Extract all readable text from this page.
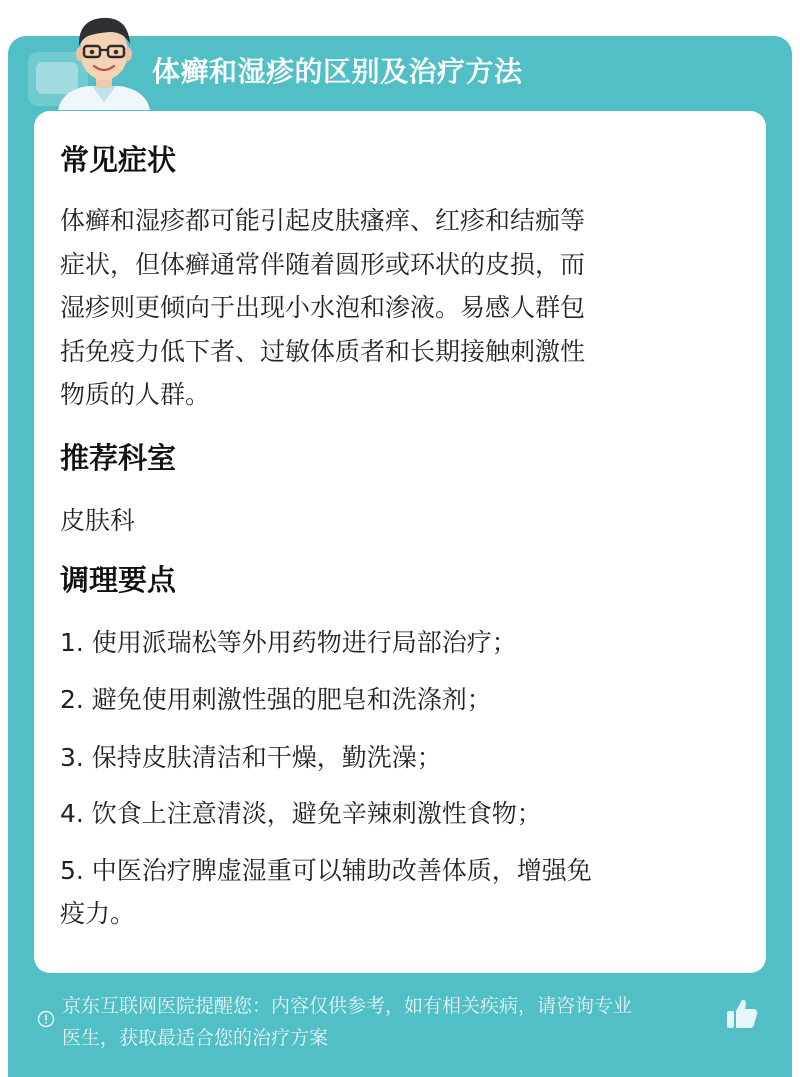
体癣和湿疹的区别及治疗方法
常见症状

体癣和湿疹都可能引起皮肤瘙痒、红疹和结痂等
症状，但体癣通常伴随着圆形或环状的皮损，而
湿疹则更倾向于出现小水泡和渗液。易感人群包
括免疫力低下者、过敏体质者和长期接触刺激性
物质的人群。

推荐科室

皮肤科

调理要点

1. 使用派瑞松等外用药物进行局部治疗；

2. 避免使用刺激性强的肥皂和洗涤剂；

3. 保持皮肤清洁和干燥，勤洗澡；

4. 饮食上注意清淡，避免辛辣刺激性食物；

5. 中医治疗脾虚湿重可以辅助改善体质，增强免
疫力。

京东互联网医院提醒您：内容仅供参考，如有相关疾病，请咨询专业
医生，获取最适合您的治疗方案
